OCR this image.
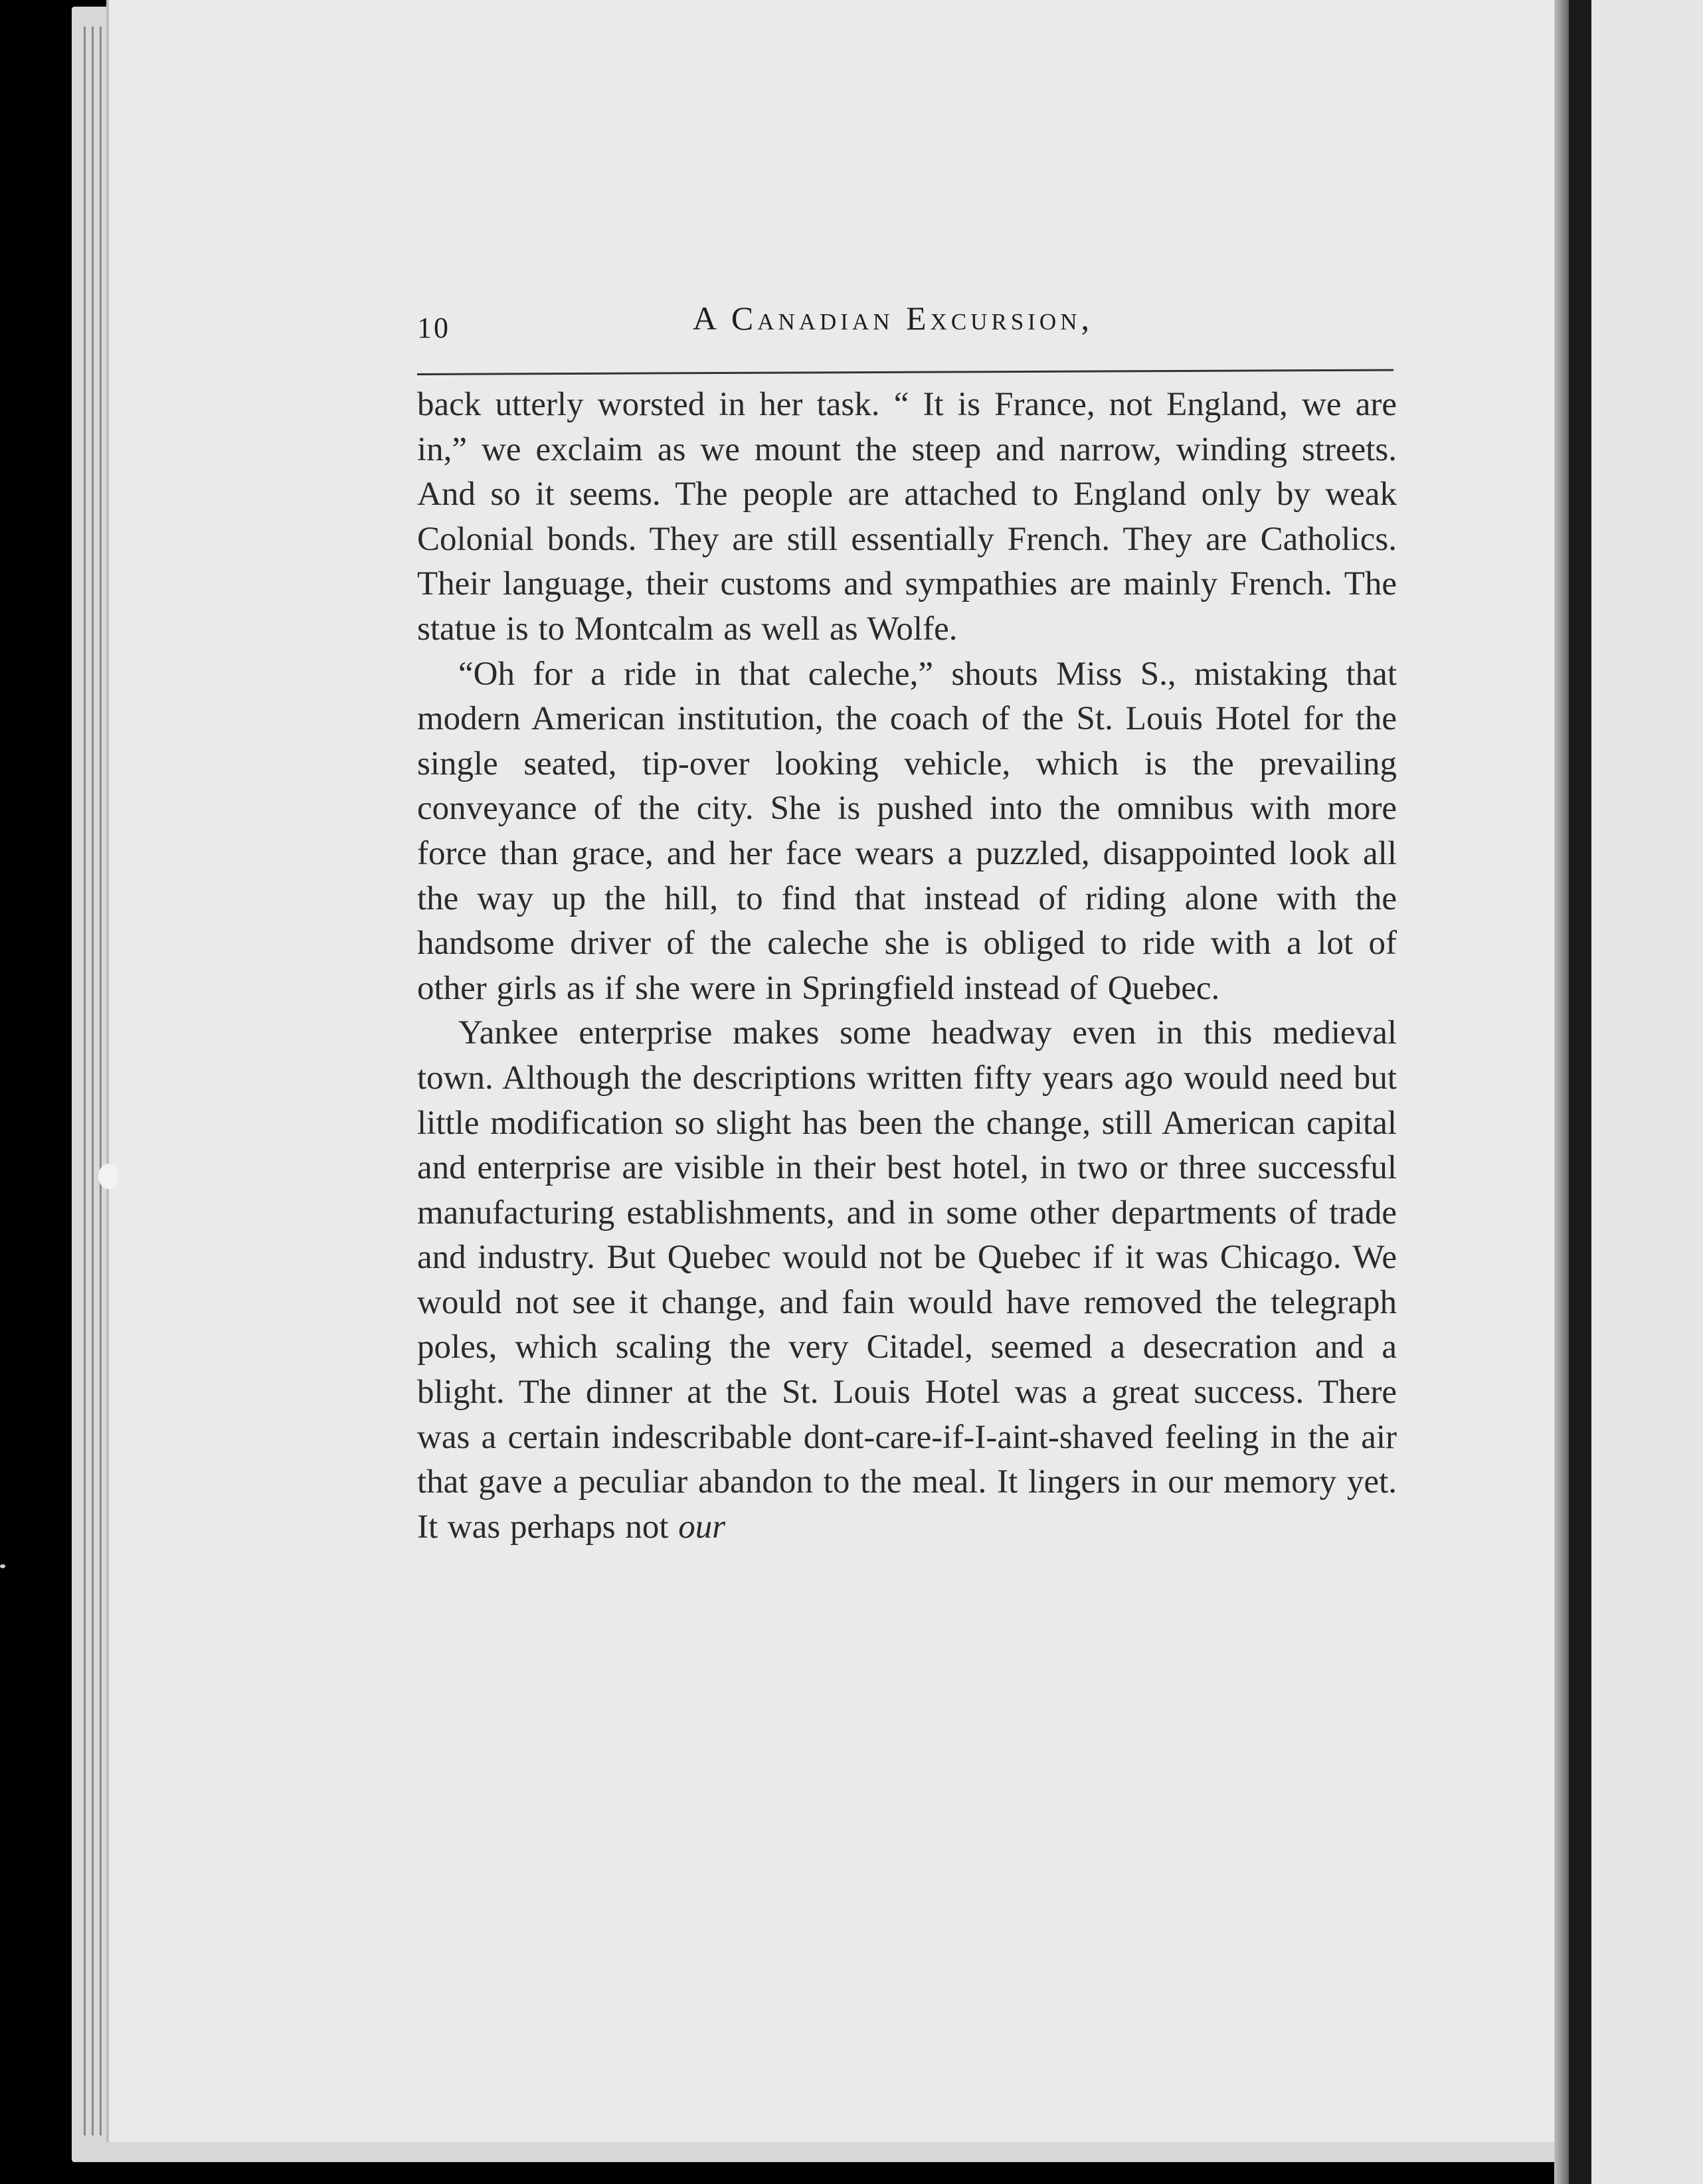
10	A Canadian Excursion,

back utterly worsted in her task. “ It is France, not England, we are in,” we exclaim as we mount the steep and narrow, winding streets. And so it seems. The people are attached to England only by weak Colonial bonds. They are still essentially French. They are Catholics. Their language, their customs and sympathies are mainly French. The statue is to Montcalm as well as Wolfe.

“Oh for a ride in that caleche,” shouts Miss S., mistaking that modern American institution, the coach of the St. Louis Hotel for the single seated, tip-over looking vehicle, which is the prevailing conveyance of the city. She is pushed into the omnibus with more force than grace, and her face wears a puzzled, disappointed look all the way up the hill, to find that instead of riding alone with the handsome driver of the caleche she is obliged to ride with a lot of other girls as if she were in Springfield instead of Quebec.

Yankee enterprise makes some headway even in this medieval town. Although the descriptions written fifty years ago would need but little modification so slight has been the change, still American capital and enterprise are visible in their best hotel, in two or three successful manufacturing establishments, and in some other departments of trade and industry. But Quebec would not be Quebec if it was Chicago. We would not see it change, and fain would have removed the telegraph poles, which scaling the very Citadel, seemed a desecration and a blight. The dinner at the St. Louis Hotel was a great success. There was a certain indescribable dont-care-if-I-aint-shaved feeling in the air that gave a peculiar abandon to the meal. It lingers in our memory yet. It was perhaps not our
